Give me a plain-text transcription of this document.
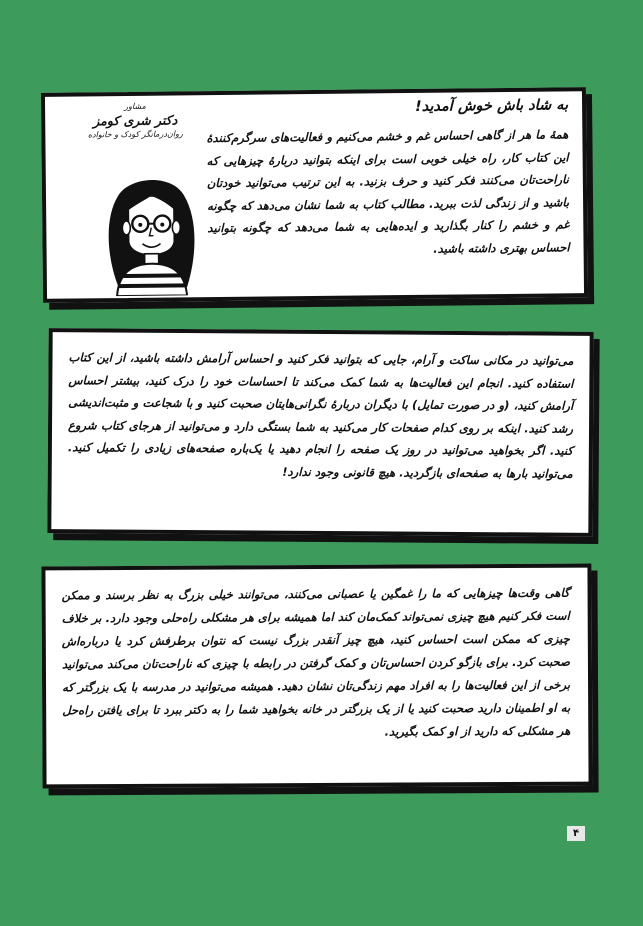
به شاد باش خوش آمدید!

مشاور

دکتر شری کومز

روان‌درمانگر کودک و خانواده	همهٔ ما هر از گاهی احساس غم و خشم می‌کنیم و فعالیت‌های سرگرم‌کنندهٔ این کتاب کار، راه خیلی خوبی است برای اینکه بتوانید دربارهٔ چیزهایی که ناراحت‌تان می‌کنند فکر کنید و حرف بزنید. به این ترتیب می‌توانید خودتان باشید و از زندگی لذت ببرید. مطالب کتاب به شما نشان می‌دهد که چگونه غم و خشم را کنار بگذارید و ایده‌هایی به شما می‌دهد که چگونه بتوانید احساس بهتری داشته باشید.

می‌توانید در مکانی ساکت و آرام، جایی که بتوانید فکر کنید و احساس آرامش داشته باشید، از این کتاب استفاده کنید. انجام این فعالیت‌ها به شما کمک می‌کند تا احساسات خود را درک کنید، بیشتر احساس آرامش کنید، (و در صورت تمایل) با دیگران دربارهٔ نگرانی‌هایتان صحبت کنید و با شجاعت و مثبت‌اندیشی رشد کنید. اینکه بر روی کدام صفحات کار می‌کنید به شما بستگی دارد و می‌توانید از هرجای کتاب شروع کنید. اگر بخواهید می‌توانید در روز یک صفحه را انجام دهید یا یک‌باره صفحه‌های زیادی را تکمیل کنید. می‌توانید بارها به صفحه‌ای بازگردید. هیچ قانونی وجود ندارد!

گاهی وقت‌ها چیزهایی که ما را غمگین یا عصبانی می‌کنند، می‌توانند خیلی بزرگ به نظر برسند و ممکن است فکر کنیم هیچ چیزی نمی‌تواند کمک‌مان کند اما همیشه برای هر مشکلی راه‌حلی وجود دارد. بر خلاف چیزی که ممکن است احساس کنید، هیچ چیز آنقدر بزرگ نیست که نتوان برطرفش کرد یا درباره‌اش صحبت کرد. برای بازگو کردن احساس‌تان و کمک گرفتن در رابطه با چیزی که ناراحت‌تان می‌کند می‌توانید برخی از این فعالیت‌ها را به افراد مهم زندگی‌تان نشان دهید. همیشه می‌توانید در مدرسه با یک بزرگتر که به او اطمینان دارید صحبت کنید یا از یک بزرگتر در خانه بخواهید شما را به دکتر ببرد تا برای یافتن راه‌حل هر مشکلی که دارید از او کمک بگیرید.

۴
